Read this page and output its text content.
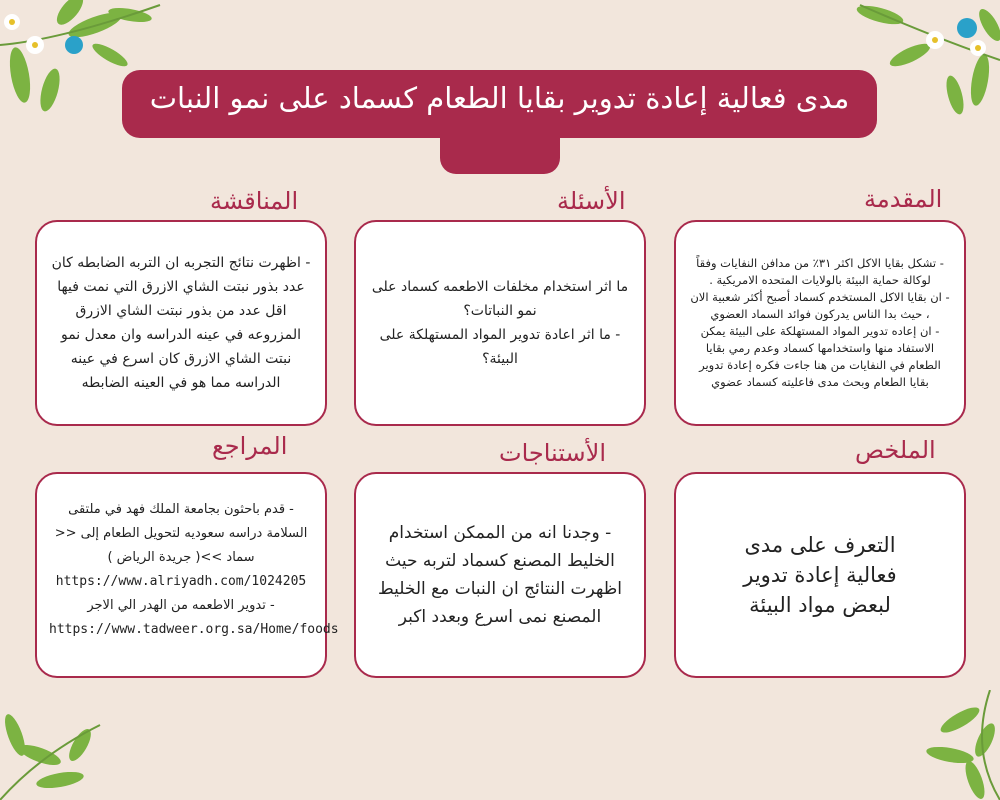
مدى فعالية إعادة تدوير بقايا الطعام كسماد على نمو النبات
المقدمة
الأسئلة
المناقشة
الملخص
الأستناجات
المراجع
- تشكل بقايا الاكل اكثر ٣١٪ من مدافن النفايات وفقاً لوكالة حماية البيئة بالولايات المتحده الامريكية .
- ان بقايا الاكل المستخدم كسماد أصبح أكثر شعبية الان ، حيث بدا الناس يدركون فوائد السماد العضوي
- ان إعاده تدوير المواد المستهلكة على البيئة يمكن الاستفاد منها واستخدامها كسماد وعدم رمي بقايا الطعام في النفايات من هنا جاءت فكره إعادة تدوير بقايا الطعام وبحث مدى فاعليته كسماد عضوي
ما اثر استخدام مخلفات الاطعمه كسماد على نمو النباتات؟
- ما اثر اعادة تدوير المواد المستهلكة على البيئة؟
- اظهرت نتائج التجربه ان التربه الضابطه كان عدد بذور نبتت الشاي الازرق التي نمت فيها اقل عدد من بذور نبتت الشاي الازرق المزروعه في عينه الدراسه وان معدل نمو نبتت الشاي الازرق كان اسرع في عينه الدراسه مما هو في العينه الضابطه
التعرف على مدى فعالية إعادة تدوير لبعض مواد البيئة
- وجدنا انه من الممكن استخدام الخليط المصنع كسماد لتربه حيث اظهرت النتائج ان النبات مع الخليط المصنع نمى اسرع وبعدد اكبر
- قدم باحثون بجامعة الملك فهد في ملتقى السلامة دراسه سعوديه لتحويل الطعام إلى << سماد >>( جريدة الرياض )
https://www.alriyadh.com/1024205
- تدوير الاطعمه من الهدر الي الاجر
https://www.tadweer.org.sa/Home/foods
